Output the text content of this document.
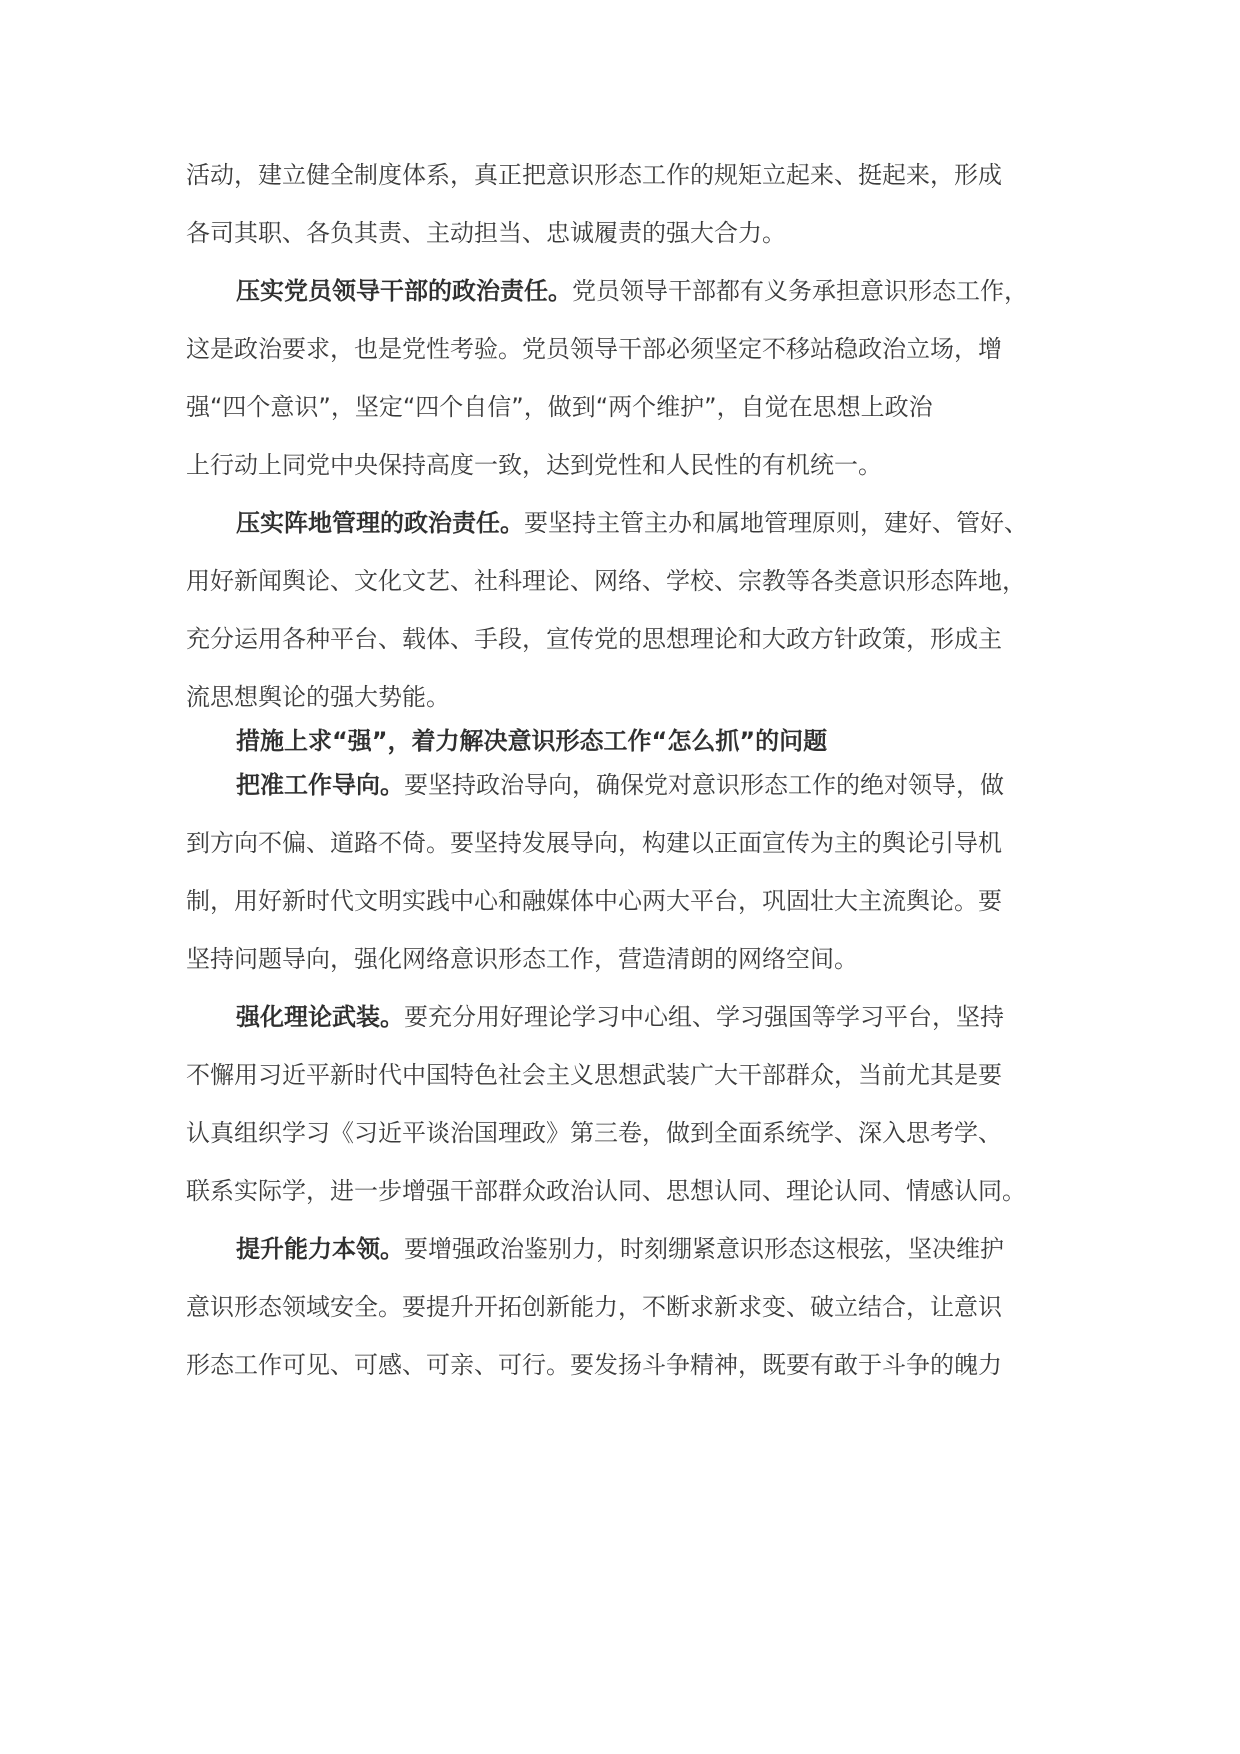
活动，建立健全制度体系，真正把意识形态工作的规矩立起来、挺起来，形成
各司其职、各负其责、主动担当、忠诚履责的强大合力。
压实党员领导干部的政治责任。党员领导干部都有义务承担意识形态工作，
这是政治要求，也是党性考验。党员领导干部必须坚定不移站稳政治立场，增
强“四个意识”，坚定“四个自信”，做到“两个维护”，自觉在思想上政治
上行动上同党中央保持高度一致，达到党性和人民性的有机统一。
压实阵地管理的政治责任。要坚持主管主办和属地管理原则，建好、管好、
用好新闻舆论、文化文艺、社科理论、网络、学校、宗教等各类意识形态阵地，
充分运用各种平台、载体、手段，宣传党的思想理论和大政方针政策，形成主
流思想舆论的强大势能。
措施上求“强”，着力解决意识形态工作“怎么抓”的问题
把准工作导向。要坚持政治导向，确保党对意识形态工作的绝对领导，做
到方向不偏、道路不倚。要坚持发展导向，构建以正面宣传为主的舆论引导机
制，用好新时代文明实践中心和融媒体中心两大平台，巩固壮大主流舆论。要
坚持问题导向，强化网络意识形态工作，营造清朗的网络空间。
强化理论武装。要充分用好理论学习中心组、学习强国等学习平台，坚持
不懈用习近平新时代中国特色社会主义思想武装广大干部群众，当前尤其是要
认真组织学习《习近平谈治国理政》第三卷，做到全面系统学、深入思考学、
联系实际学，进一步增强干部群众政治认同、思想认同、理论认同、情感认同。
提升能力本领。要增强政治鉴别力，时刻绷紧意识形态这根弦，坚决维护
意识形态领域安全。要提升开拓创新能力，不断求新求变、破立结合，让意识
形态工作可见、可感、可亲、可行。要发扬斗争精神，既要有敢于斗争的魄力
